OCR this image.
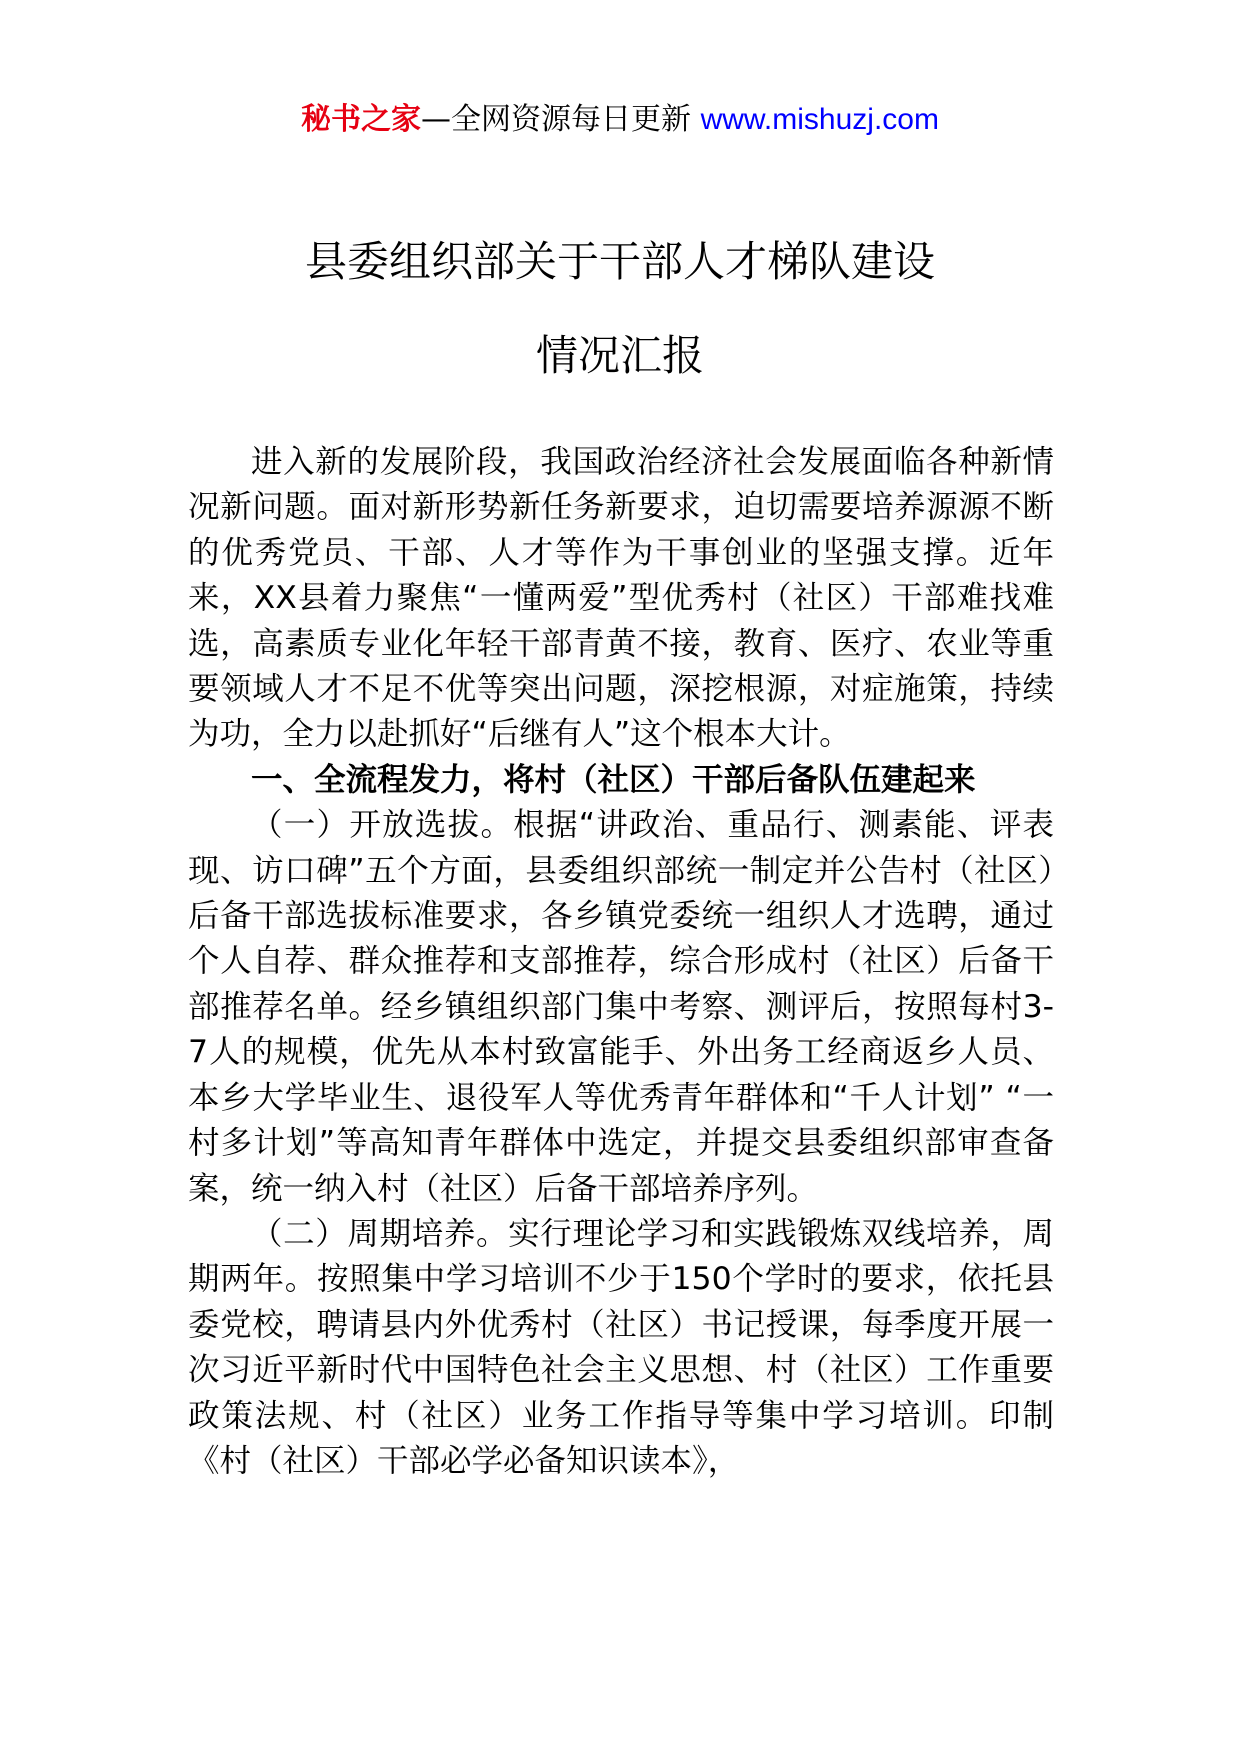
秘书之家—全网资源每日更新 www.mishuzj.com
县委组织部关于干部人才梯队建设
情况汇报

进入新的发展阶段，我国政治经济社会发展面临各种新情况新问题。面对新形势新任务新要求，迫切需要培养源源不断的优秀党员、干部、人才等作为干事创业的坚强支撑。近年来，XX县着力聚焦“一懂两爱”型优秀村（社区）干部难找难选，高素质专业化年轻干部青黄不接，教育、医疗、农业等重要领域人才不足不优等突出问题，深挖根源，对症施策，持续为功，全力以赴抓好“后继有人”这个根本大计。

一、全流程发力，将村（社区）干部后备队伍建起来

（一）开放选拔。根据“讲政治、重品行、测素能、评表现、访口碑”五个方面，县委组织部统一制定并公告村（社区）后备干部选拔标准要求，各乡镇党委统一组织人才选聘，通过个人自荐、群众推荐和支部推荐，综合形成村（社区）后备干部推荐名单。经乡镇组织部门集中考察、测评后，按照每村3-7人的规模，优先从本村致富能手、外出务工经商返乡人员、本乡大学毕业生、退役军人等优秀青年群体和“千人计划” “一村多计划”等高知青年群体中选定，并提交县委组织部审查备案，统一纳入村（社区）后备干部培养序列。

（二）周期培养。实行理论学习和实践锻炼双线培养，周期两年。按照集中学习培训不少于150个学时的要求，依托县委党校，聘请县内外优秀村（社区）书记授课，每季度开展一次习近平新时代中国特色社会主义思想、村（社区）工作重要政策法规、村（社区）业务工作指导等集中学习培训。印制《村（社区）干部必学必备知识读本》，
